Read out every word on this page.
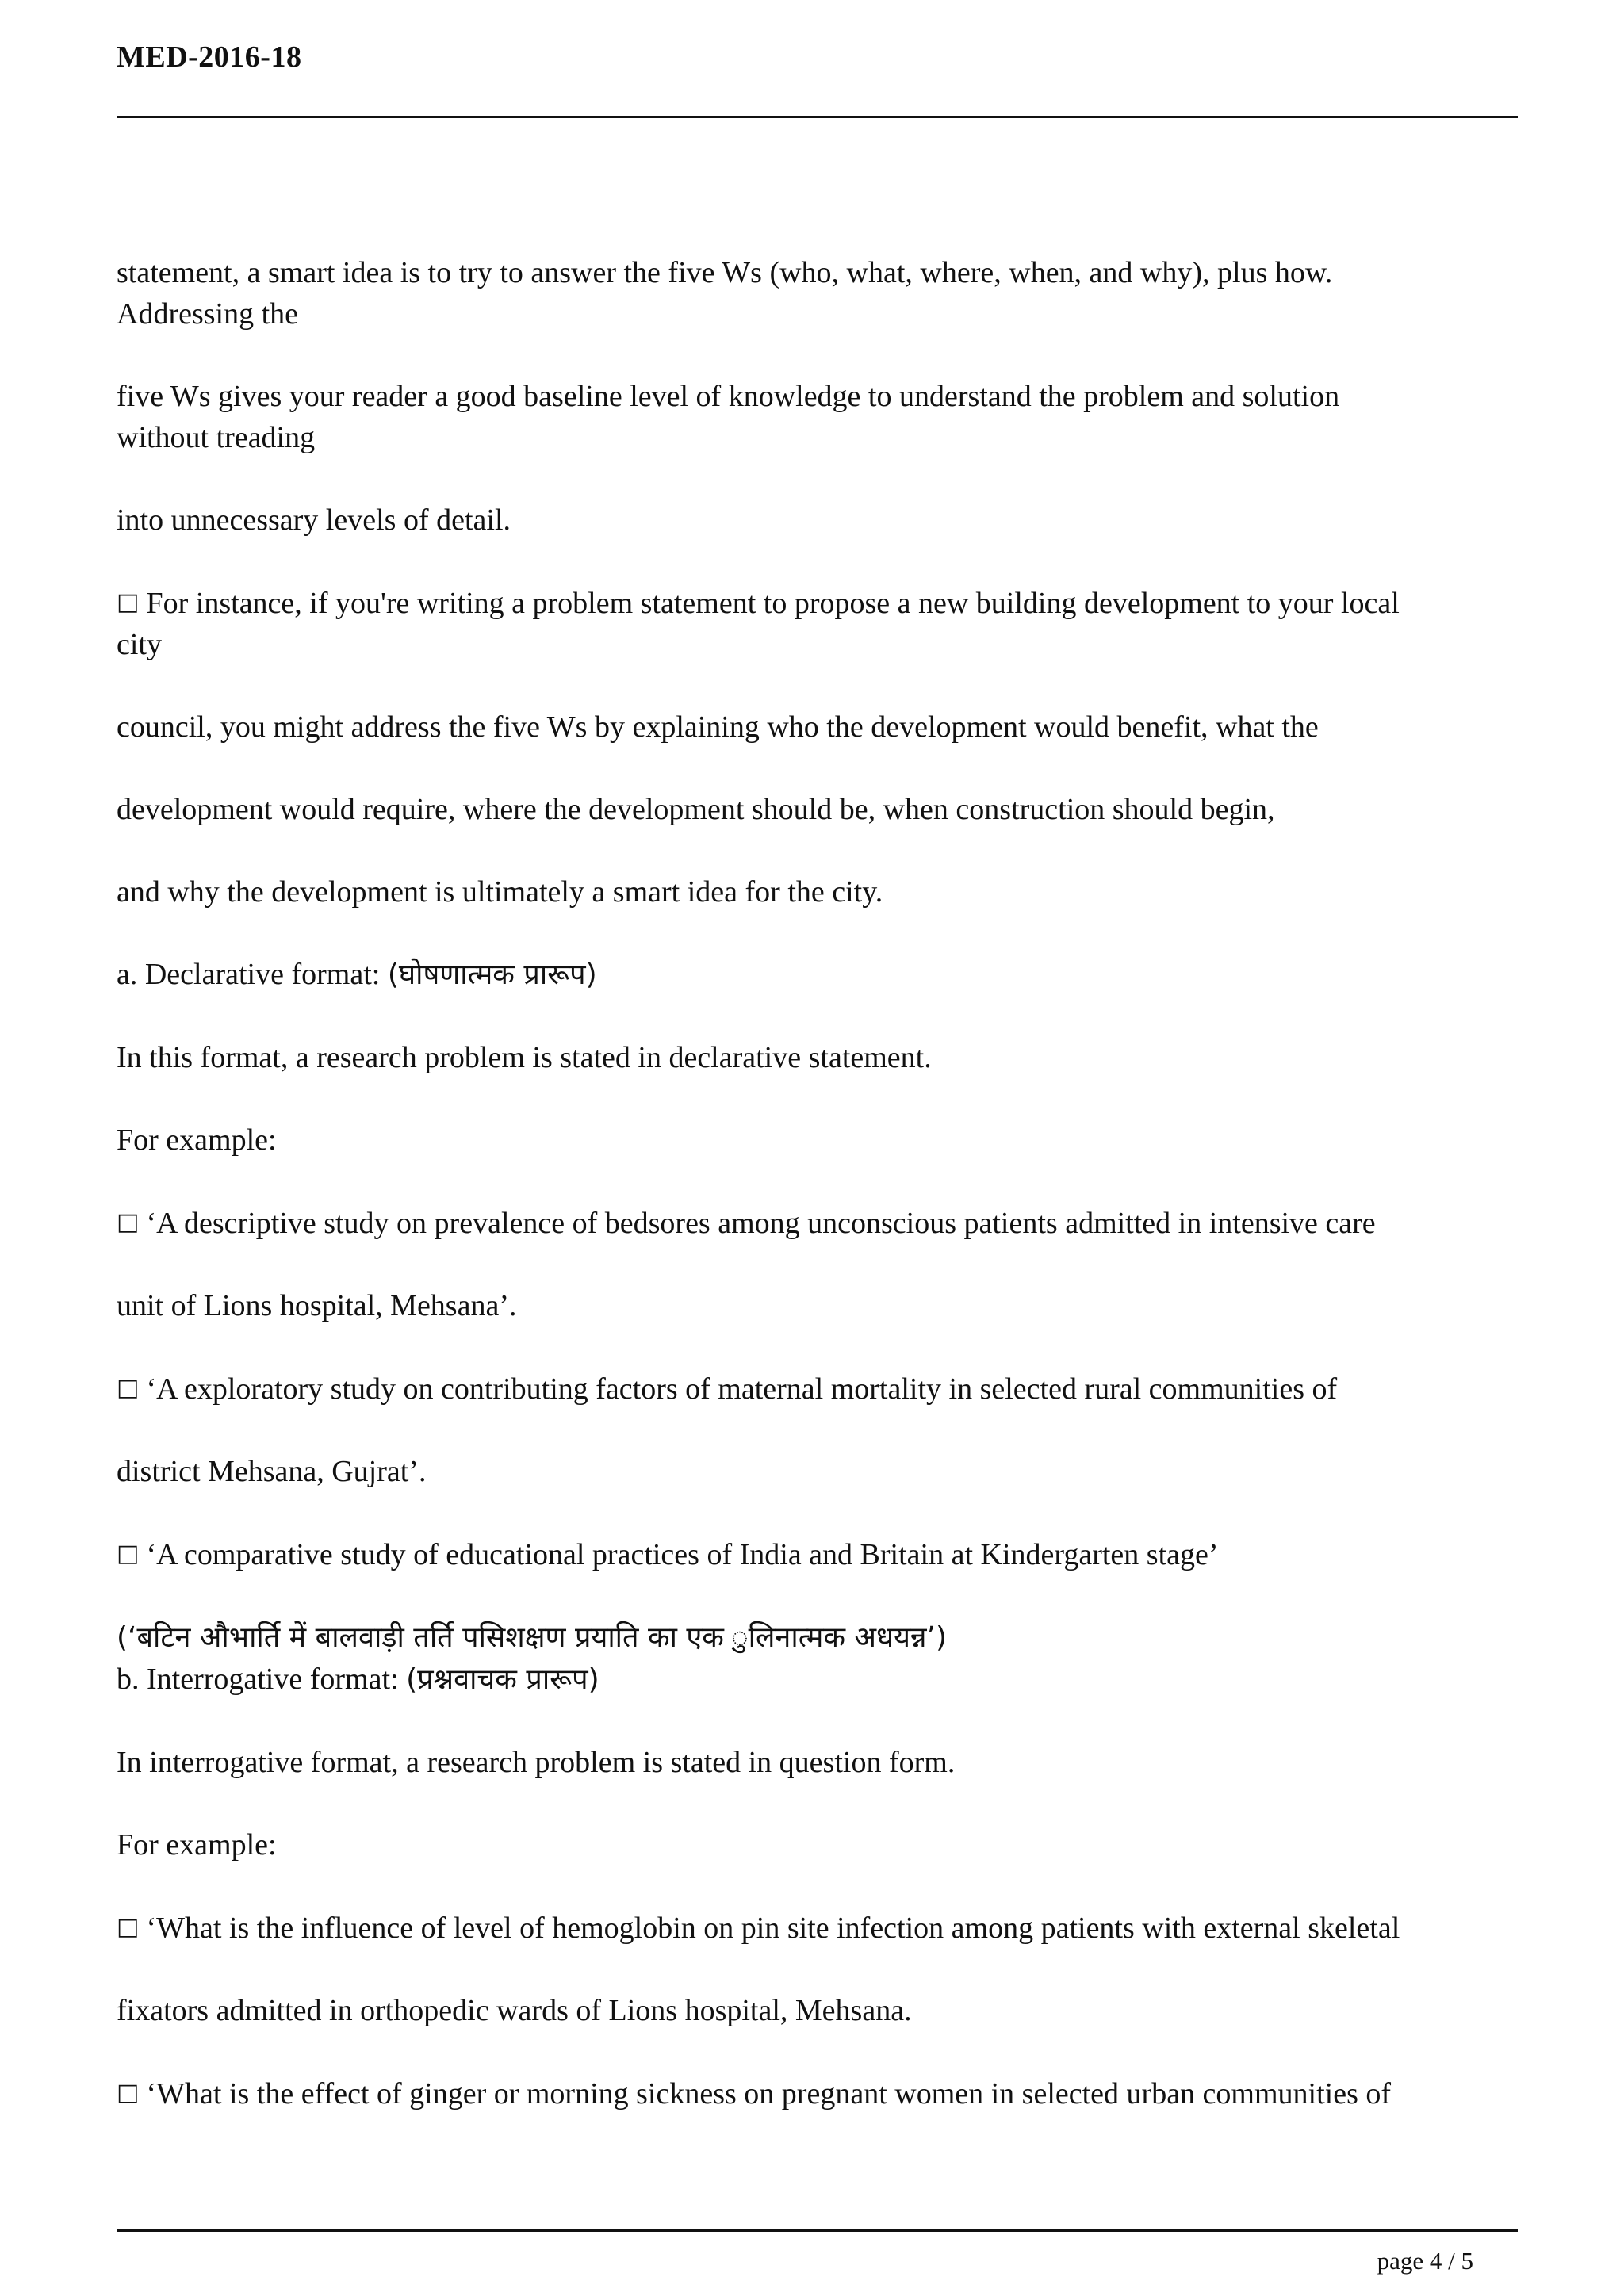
MED-2016-18
statement, a smart idea is to try to answer the five Ws (who, what, where, when, and why), plus how.
Addressing the
five Ws gives your reader a good baseline level of knowledge to understand the problem and solution
without treading
into unnecessary levels of detail.
□ For instance, if you're writing a problem statement to propose a new building development to your local
city
council, you might address the five Ws by explaining who the development would benefit, what the
development would require, where the development should be, when construction should begin,
and why the development is ultimately a smart idea for the city.
a. Declarative format: (घोषणात्मक प्रारूप)
In this format, a research problem is stated in declarative statement.
For example:
□ ‘A descriptive study on prevalence of bedsores among unconscious patients admitted in intensive care
unit of Lions hospital, Mehsana’.
□ ‘A exploratory study on contributing factors of maternal mortality in selected rural communities of
district Mehsana, Gujrat’.
□ ‘A comparative study of educational practices of India and Britain at Kindergarten stage’
(‘बटिन औभार्ति में बालवाड़ी तर्ति पसिशक्षण प्रयाति का एक ुलिनात्मक अधयन्न’)
b. Interrogative format: (प्रश्नवाचक प्रारूप)
In interrogative format, a research problem is stated in question form.
For example:
□ ‘What is the influence of level of hemoglobin on pin site infection among patients with external skeletal
fixators admitted in orthopedic wards of Lions hospital, Mehsana.
□ ‘What is the effect of ginger or morning sickness on pregnant women in selected urban communities of
page 4 / 5
